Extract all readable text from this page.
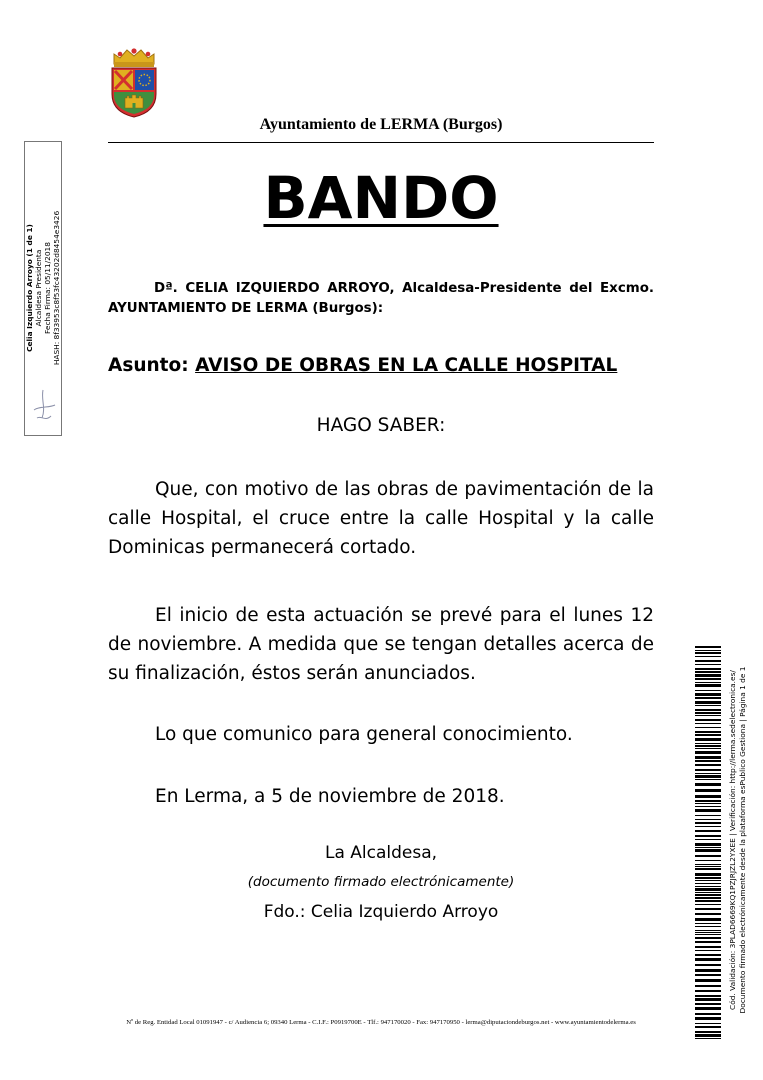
Ayuntamiento de LERMA (Burgos)
BANDO
Dª. CELIA IZQUIERDO ARROYO, Alcaldesa-Presidente del Excmo. AYUNTAMIENTO DE LERMA (Burgos):
Asunto: AVISO DE OBRAS EN LA CALLE HOSPITAL
HAGO SABER:
Que, con motivo de las obras de pavimentación de la calle Hospital, el cruce entre la calle Hospital y la calle Dominicas permanecerá cortado.
El inicio de esta actuación se prevé para el lunes 12 de noviembre. A medida que se tengan detalles acerca de su finalización, éstos serán anunciados.
Lo que comunico para general conocimiento.
En Lerma, a 5 de noviembre de 2018.
La Alcaldesa,
(documento firmado electrónicamente)
Fdo.: Celia Izquierdo Arroyo
Nº de Reg. Entidad Local 01091947 - c/ Audiencia 6; 09340 Lerma - C.I.F.: P0919700E - Tlf.: 947170020 - Fax: 947170950 - lerma@diputaciondeburgos.net - www.ayuntamientodelerma.es
Celia Izquierdo Arroyo (1 de 1) Alcaldesa Presidenta Fecha Firma: 05/11/2018 HASH: 8f33953c8f53fc43202d8454e3426
Cód. Validación: 3PLAD6669KQ1PZJRJZL2YXEE | Verificación: http://lerma.sedelectronica.es/ Documento firmado electrónicamente desde la plataforma esPublico Gestiona | Página 1 de 1
